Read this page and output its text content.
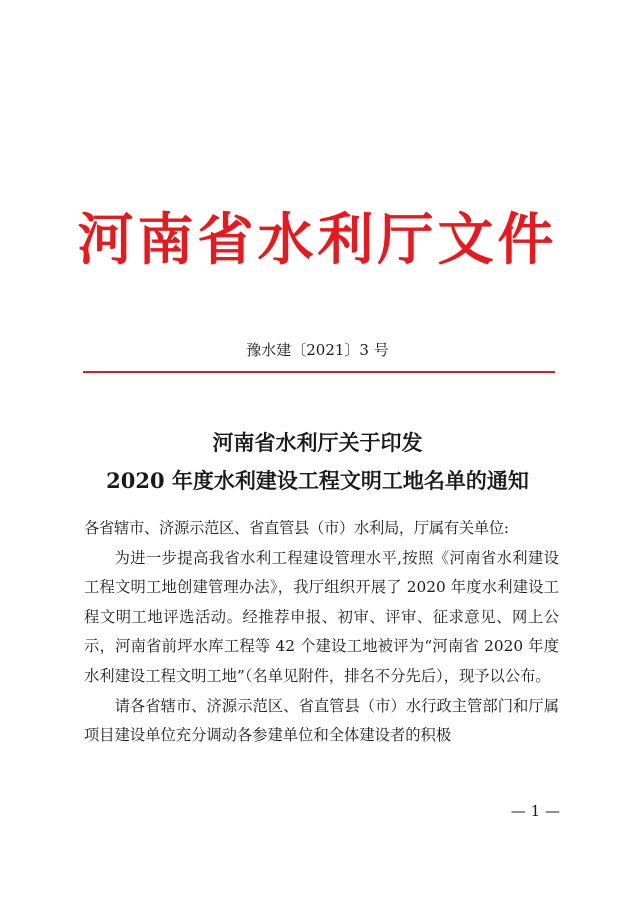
河南省水利厅文件
豫水建〔2021〕3 号
河南省水利厅关于印发
2020 年度水利建设工程文明工地名单的通知

各省辖市、济源示范区、省直管县（市）水利局，厅属有关单位:

为进一步提高我省水利工程建设管理水平,按照《河南省水利建设工程文明工地创建管理办法》，我厅组织开展了 2020 年度水利建设工程文明工地评选活动。经推荐申报、初审、评审、征求意见、网上公示，河南省前坪水库工程等 42 个建设工地被评为“河南省 2020 年度水利建设工程文明工地”（名单见附件，排名不分先后），现予以公布。

请各省辖市、济源示范区、省直管县（市）水行政主管部门和厅属项目建设单位充分调动各参建单位和全体建设者的积极

— 1 —
